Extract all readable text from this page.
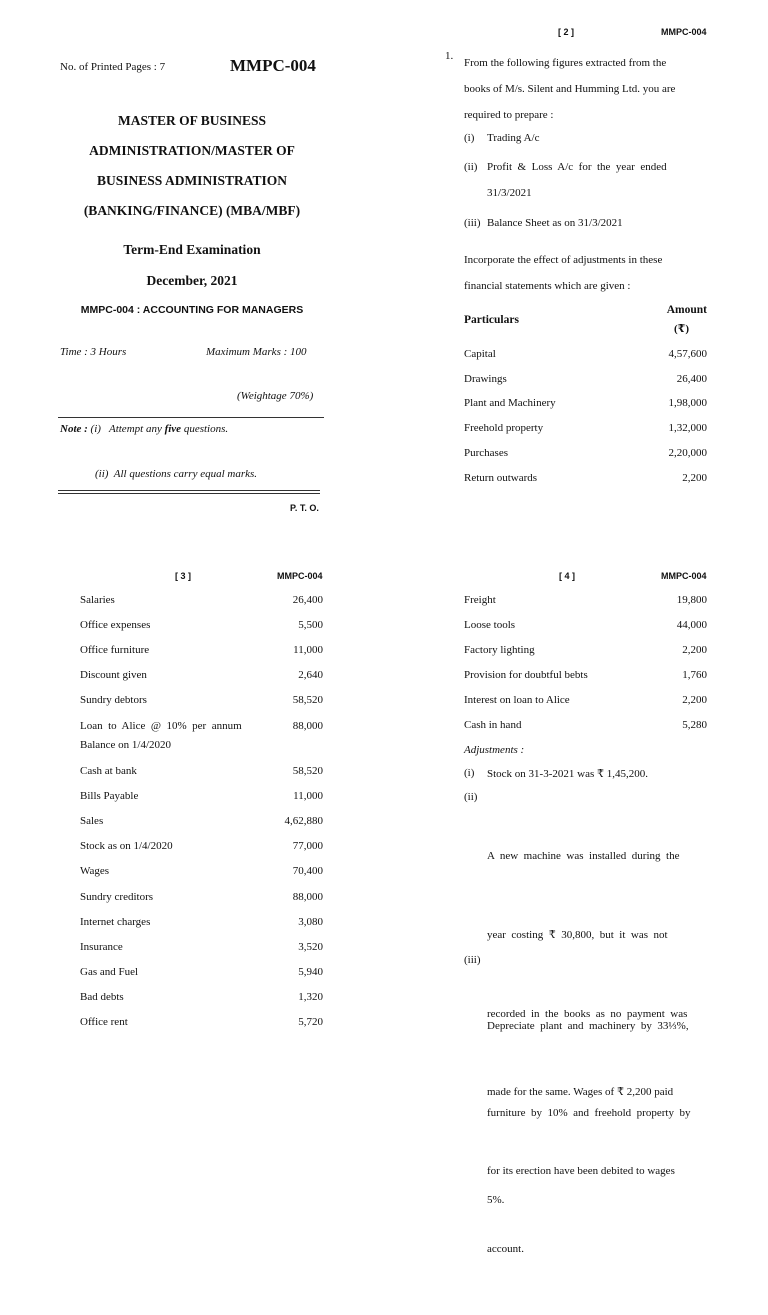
No. of Printed Pages : 7	MMPC-004
MASTER OF BUSINESS
ADMINISTRATION/MASTER OF
BUSINESS ADMINISTRATION
(BANKING/FINANCE) (MBA/MBF)
Term-End Examination
December, 2021
MMPC-004 : ACCOUNTING FOR MANAGERS
Time : 3 Hours	Maximum Marks : 100
(Weightage 70%)
Note : (i)   Attempt any five questions.
(ii)  All questions carry equal marks.
P. T. O.
[ 2 ]	MMPC-004
1.
From the following figures extracted from the
books of M/s. Silent and Humming Ltd. you are
required to prepare :
(i) Trading A/c
(ii) Profit  &  Loss  A/c  for  the  year  ended
31/3/2021
(iii) Balance Sheet as on 31/3/2021
Incorporate the effect of adjustments in these
financial statements which are given :
Particulars
Amount
(₹)
Capital	4,57,600
Drawings	26,400
Plant and Machinery	1,98,000
Freehold property	1,32,000
Purchases	2,20,000
Return outwards	2,200
[ 3 ]	MMPC-004
Salaries	26,400
Office expenses	5,500
Office furniture	11,000
Discount given	2,640
Sundry debtors	58,520
Loan  to  Alice  @  10%  per  annum	88,000
Balance on 1/4/2020
Cash at bank	58,520
Bills Payable	11,000
Sales	4,62,880
Stock as on 1/4/2020	77,000
Wages	70,400
Sundry creditors	88,000
Internet charges	3,080
Insurance	3,520
Gas and Fuel	5,940
Bad debts	1,320
Office rent	5,720
[ 4 ]	MMPC-004
Freight	19,800
Loose tools	44,000
Factory lighting	2,200
Provision for doubtful bebts	1,760
Interest on loan to Alice	2,200
Cash in hand	5,280
Adjustments :
(i) Stock on 31-3-2021 was ₹ 1,45,200.
(ii)

A  new  machine  was  installed  during  the

year  costing  ₹  30,800,  but  it  was  not

recorded  in  the  books  as  no  payment  was

made for the same. Wages of ₹ 2,200 paid

for its erection have been debited to wages

account.

(iii)

Depreciate  plant  and  machinery  by  33⅓%,

furniture  by  10%  and  freehold  property  by

5%.
